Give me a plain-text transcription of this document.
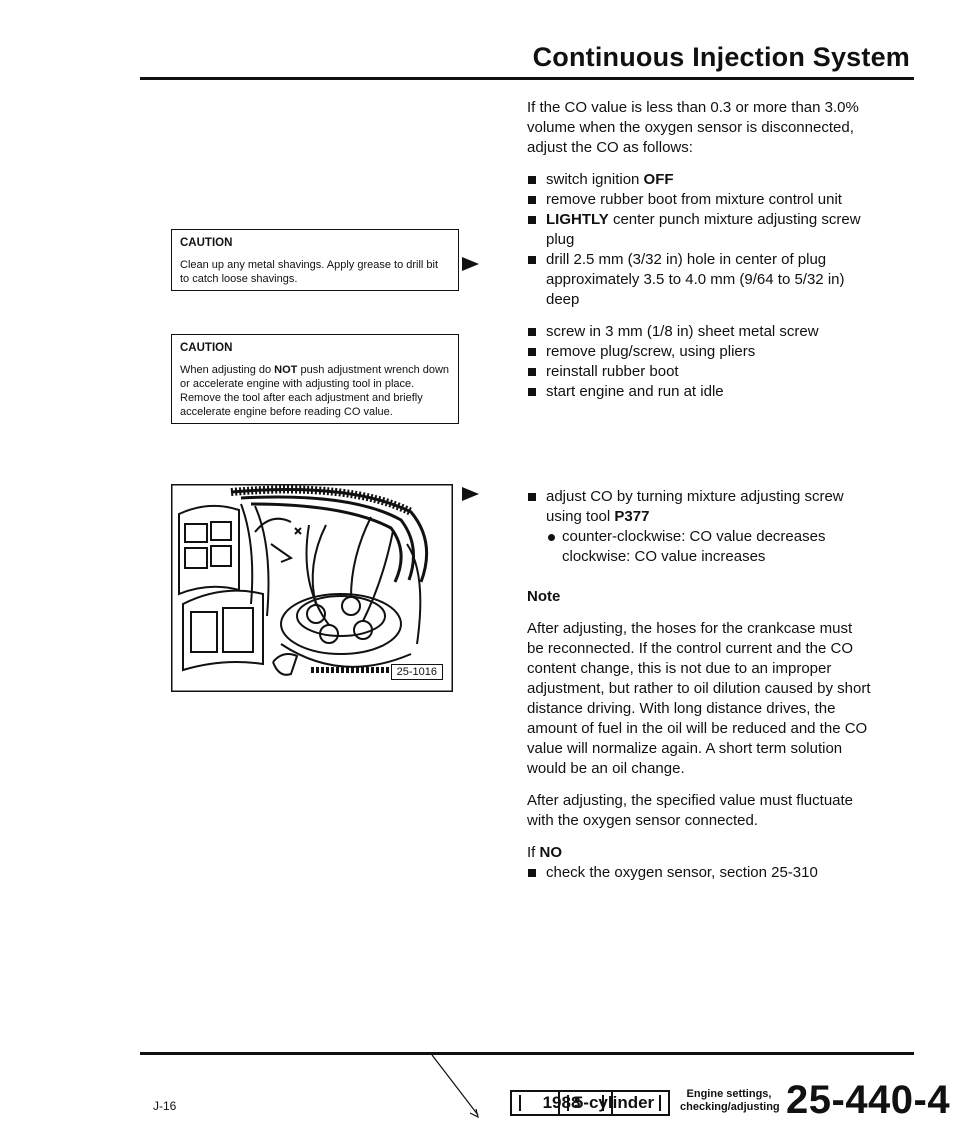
Continuous Injection System

If the CO value is less than 0.3 or more than 3.0% volume when the oxygen sensor is disconnected, adjust the CO as follows:

switch ignition OFF
remove rubber boot from mixture control unit
LIGHTLY center punch mixture adjusting screw plug
drill 2.5 mm (3/32 in) hole in center of plug approximately 3.5 to 4.0 mm (9/64 to 5/32 in) deep
screw in 3 mm (1/8 in) sheet metal screw
remove plug/screw, using pliers
reinstall rubber boot
start engine and run at idle
adjust CO by turning mixture adjusting screw using tool P377
counter-clockwise: CO value decreases
clockwise: CO value increases
Note

After adjusting, the hoses for the crankcase must be reconnected. If the control current and the CO content change, this is not due to an improper adjustment, but rather to oil dilution caused by short distance driving. With long distance drives, the amount of fuel in the oil will be reduced and the CO value will normalize again. A short term solution would be an oil change.

After adjusting, the specified value must fluctuate with the oxygen sensor connected.

If NO

check the oxygen sensor, section 25-310
CAUTION
Clean up any metal shavings. Apply grease to drill bit to catch loose shavings.
CAUTION
When adjusting do NOT push adjustment wrench down or accelerate engine with adjusting tool in place. Remove the tool after each adjustment and briefly accelerate engine before reading CO value.
25-1016
J-16	1988
5-cylinder	Engine settings,
checking/adjusting 25-440-4
